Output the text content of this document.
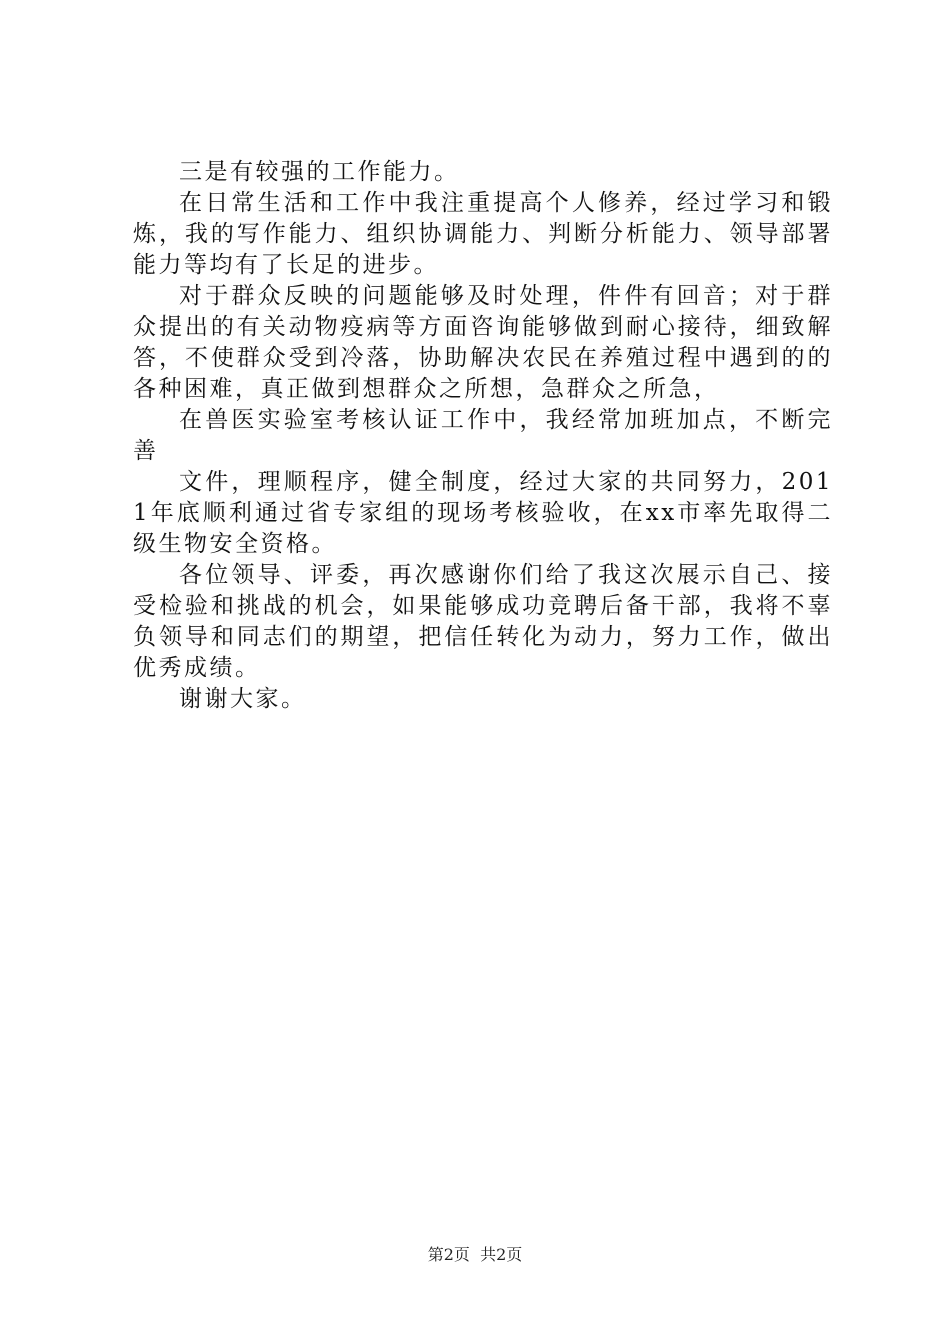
三是有较强的工作能力。

在日常生活和工作中我注重提高个人修养，经过学习和锻炼，我的写作能力、组织协调能力、判断分析能力、领导部署能力等均有了长足的进步。

对于群众反映的问题能够及时处理，件件有回音；对于群众提出的有关动物疫病等方面咨询能够做到耐心接待，细致解答，不使群众受到冷落，协助解决农民在养殖过程中遇到的的各种困难，真正做到想群众之所想，急群众之所急，

在兽医实验室考核认证工作中，我经常加班加点，不断完善

文件，理顺程序，健全制度，经过大家的共同努力，2011年底顺利通过省专家组的现场考核验收，在xx市率先取得二级生物安全资格。

各位领导、评委，再次感谢你们给了我这次展示自己、接受检验和挑战的机会，如果能够成功竞聘后备干部，我将不辜负领导和同志们的期望，把信任转化为动力，努力工作，做出优秀成绩。

谢谢大家。

第2页 共2页
